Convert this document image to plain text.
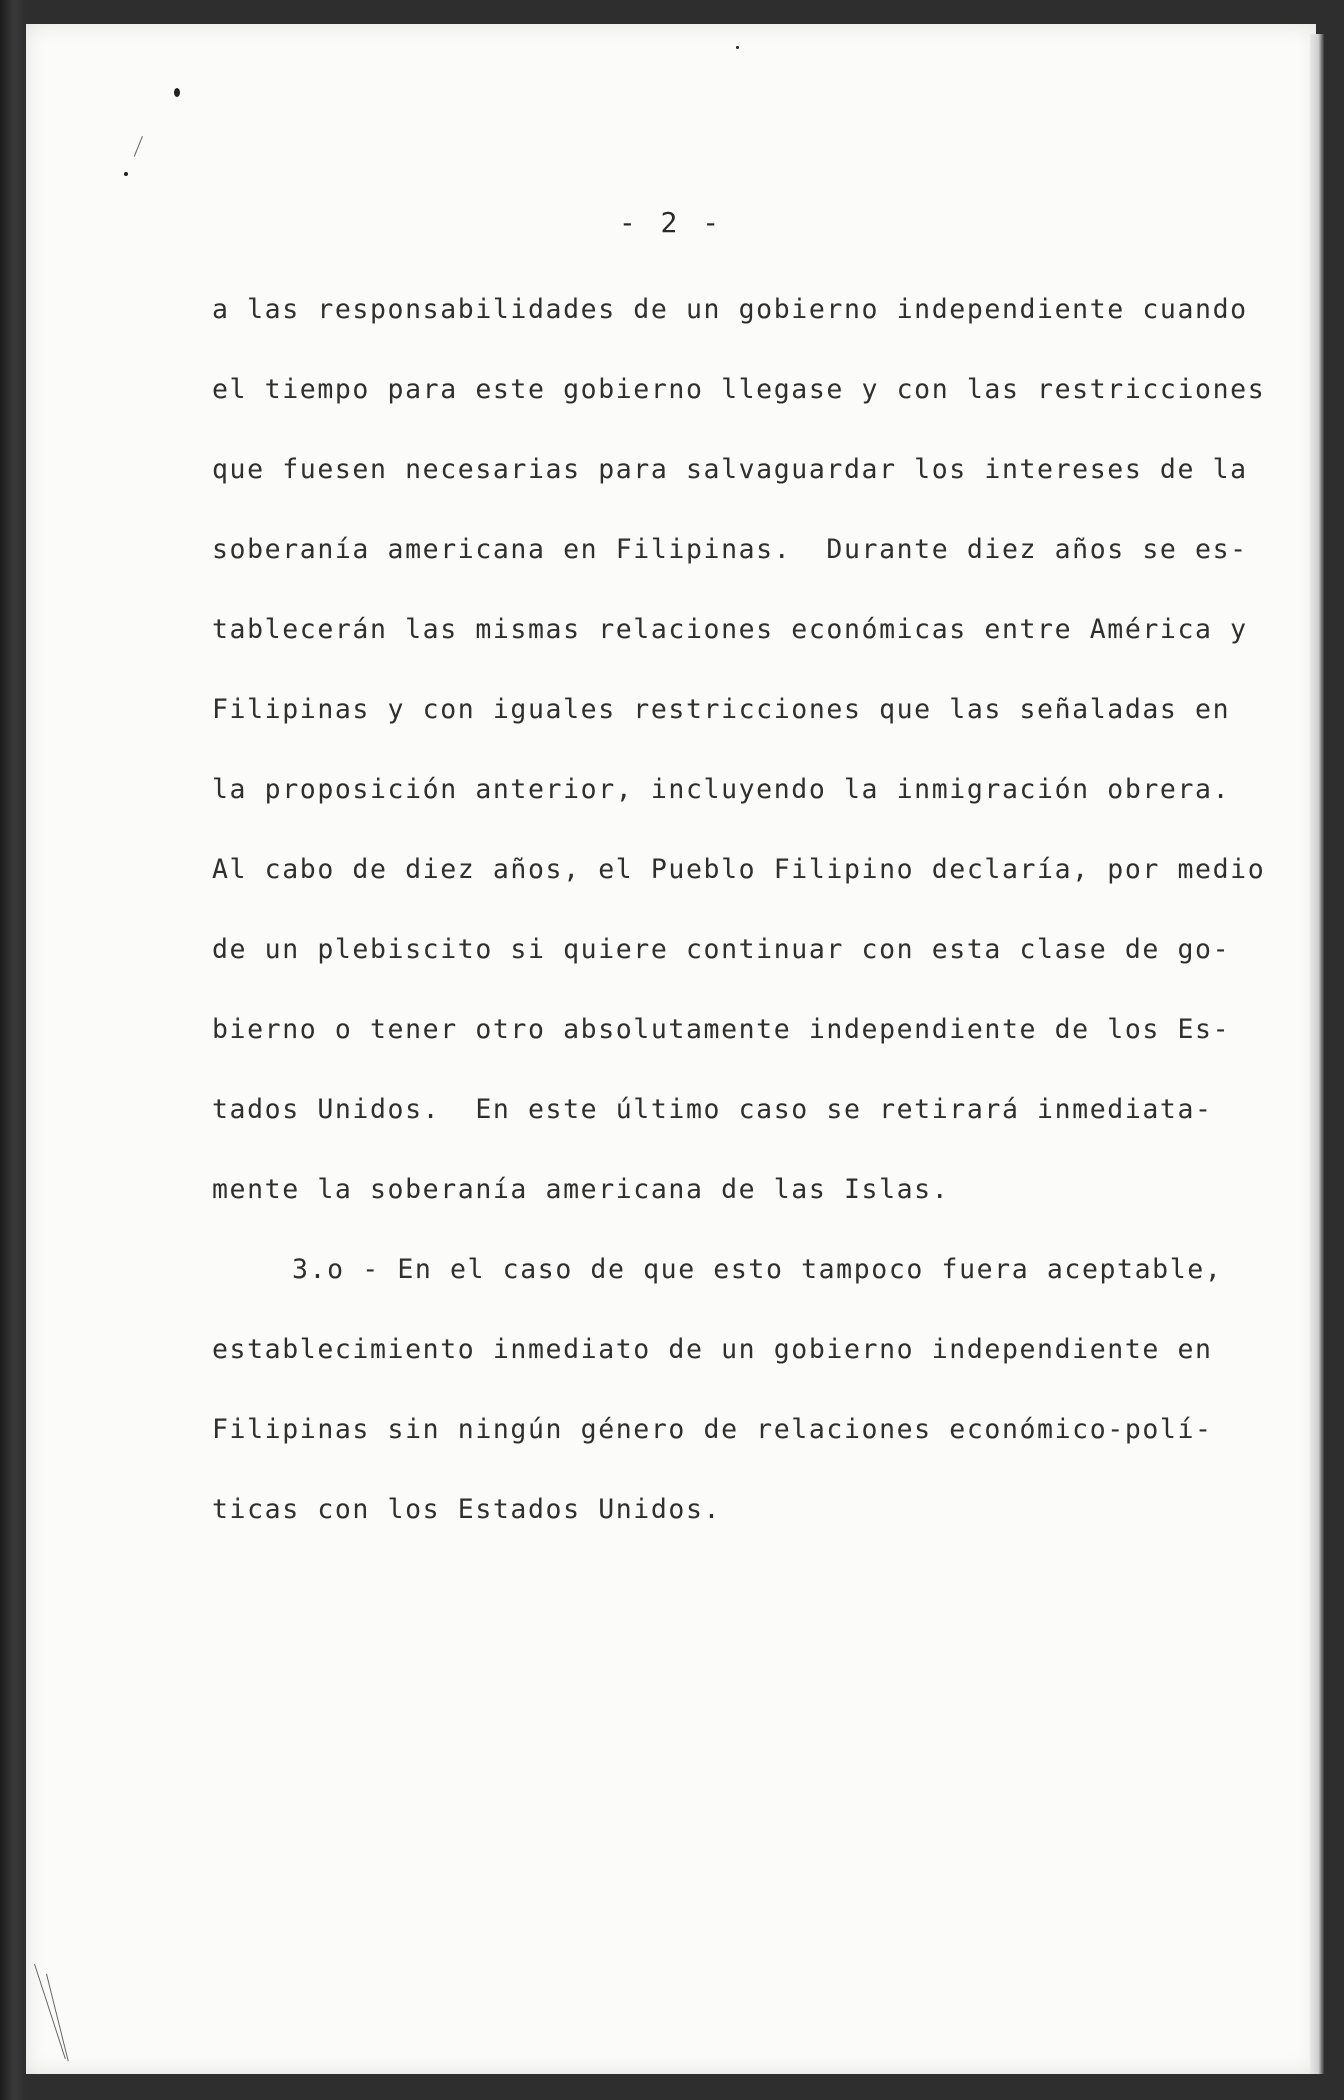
- 2 -
a las responsabilidades de un gobierno independiente cuando
el tiempo para este gobierno llegase y con las restricciones
que fuesen necesarias para salvaguardar los intereses de la
soberanía americana en Filipinas.  Durante diez años se es-
tablecerán las mismas relaciones económicas entre América y
Filipinas y con iguales restricciones que las señaladas en
la proposición anterior, incluyendo la inmigración obrera.
Al cabo de diez años, el Pueblo Filipino declaría, por medio
de un plebiscito si quiere continuar con esta clase de go-
bierno o tener otro absolutamente independiente de los Es-
tados Unidos.  En este último caso se retirará inmediata-
mente la soberanía americana de las Islas.
3.o - En el caso de que esto tampoco fuera aceptable,
establecimiento inmediato de un gobierno independiente en
Filipinas sin ningún género de relaciones económico-polí-
ticas con los Estados Unidos.
